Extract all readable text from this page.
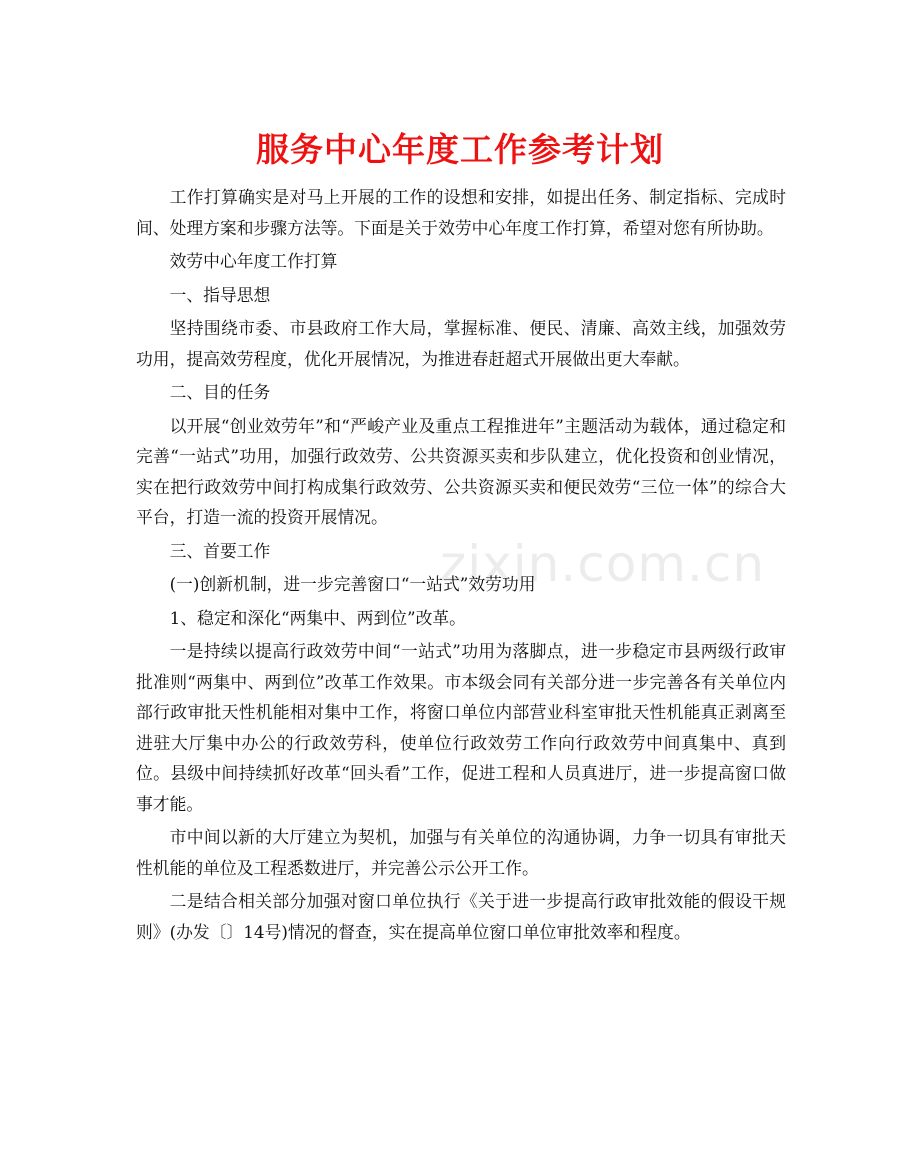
服务中心年度工作参考计划

工作打算确实是对马上开展的工作的设想和安排，如提出任务、制定指标、完成时间、处理方案和步骤方法等。下面是关于效劳中心年度工作打算，希望对您有所协助。

效劳中心年度工作打算

一、指导思想

坚持围绕市委、市县政府工作大局，掌握标准、便民、清廉、高效主线，加强效劳功用，提高效劳程度，优化开展情况，为推进春赶超式开展做出更大奉献。

二、目的任务

以开展“创业效劳年”和“严峻产业及重点工程推进年”主题活动为载体，通过稳定和完善“一站式”功用，加强行政效劳、公共资源买卖和步队建立，优化投资和创业情况，实在把行政效劳中间打构成集行政效劳、公共资源买卖和便民效劳“三位一体”的综合大平台，打造一流的投资开展情况。

三、首要工作

(一)创新机制，进一步完善窗口“一站式”效劳功用

1、稳定和深化“两集中、两到位”改革。

一是持续以提高行政效劳中间“一站式”功用为落脚点，进一步稳定市县两级行政审批准则“两集中、两到位”改革工作效果。市本级会同有关部分进一步完善各有关单位内部行政审批天性机能相对集中工作，将窗口单位内部营业科室审批天性机能真正剥离至进驻大厅集中办公的行政效劳科，使单位行政效劳工作向行政效劳中间真集中、真到位。县级中间持续抓好改革“回头看”工作，促进工程和人员真进厅，进一步提高窗口做事才能。

市中间以新的大厅建立为契机，加强与有关单位的沟通协调，力争一切具有审批天性机能的单位及工程悉数进厅，并完善公示公开工作。

二是结合相关部分加强对窗口单位执行《关于进一步提高行政审批效能的假设干规则》(办发〔〕14号)情况的督查，实在提高单位窗口单位审批效率和程度。

zixin.com.cn
